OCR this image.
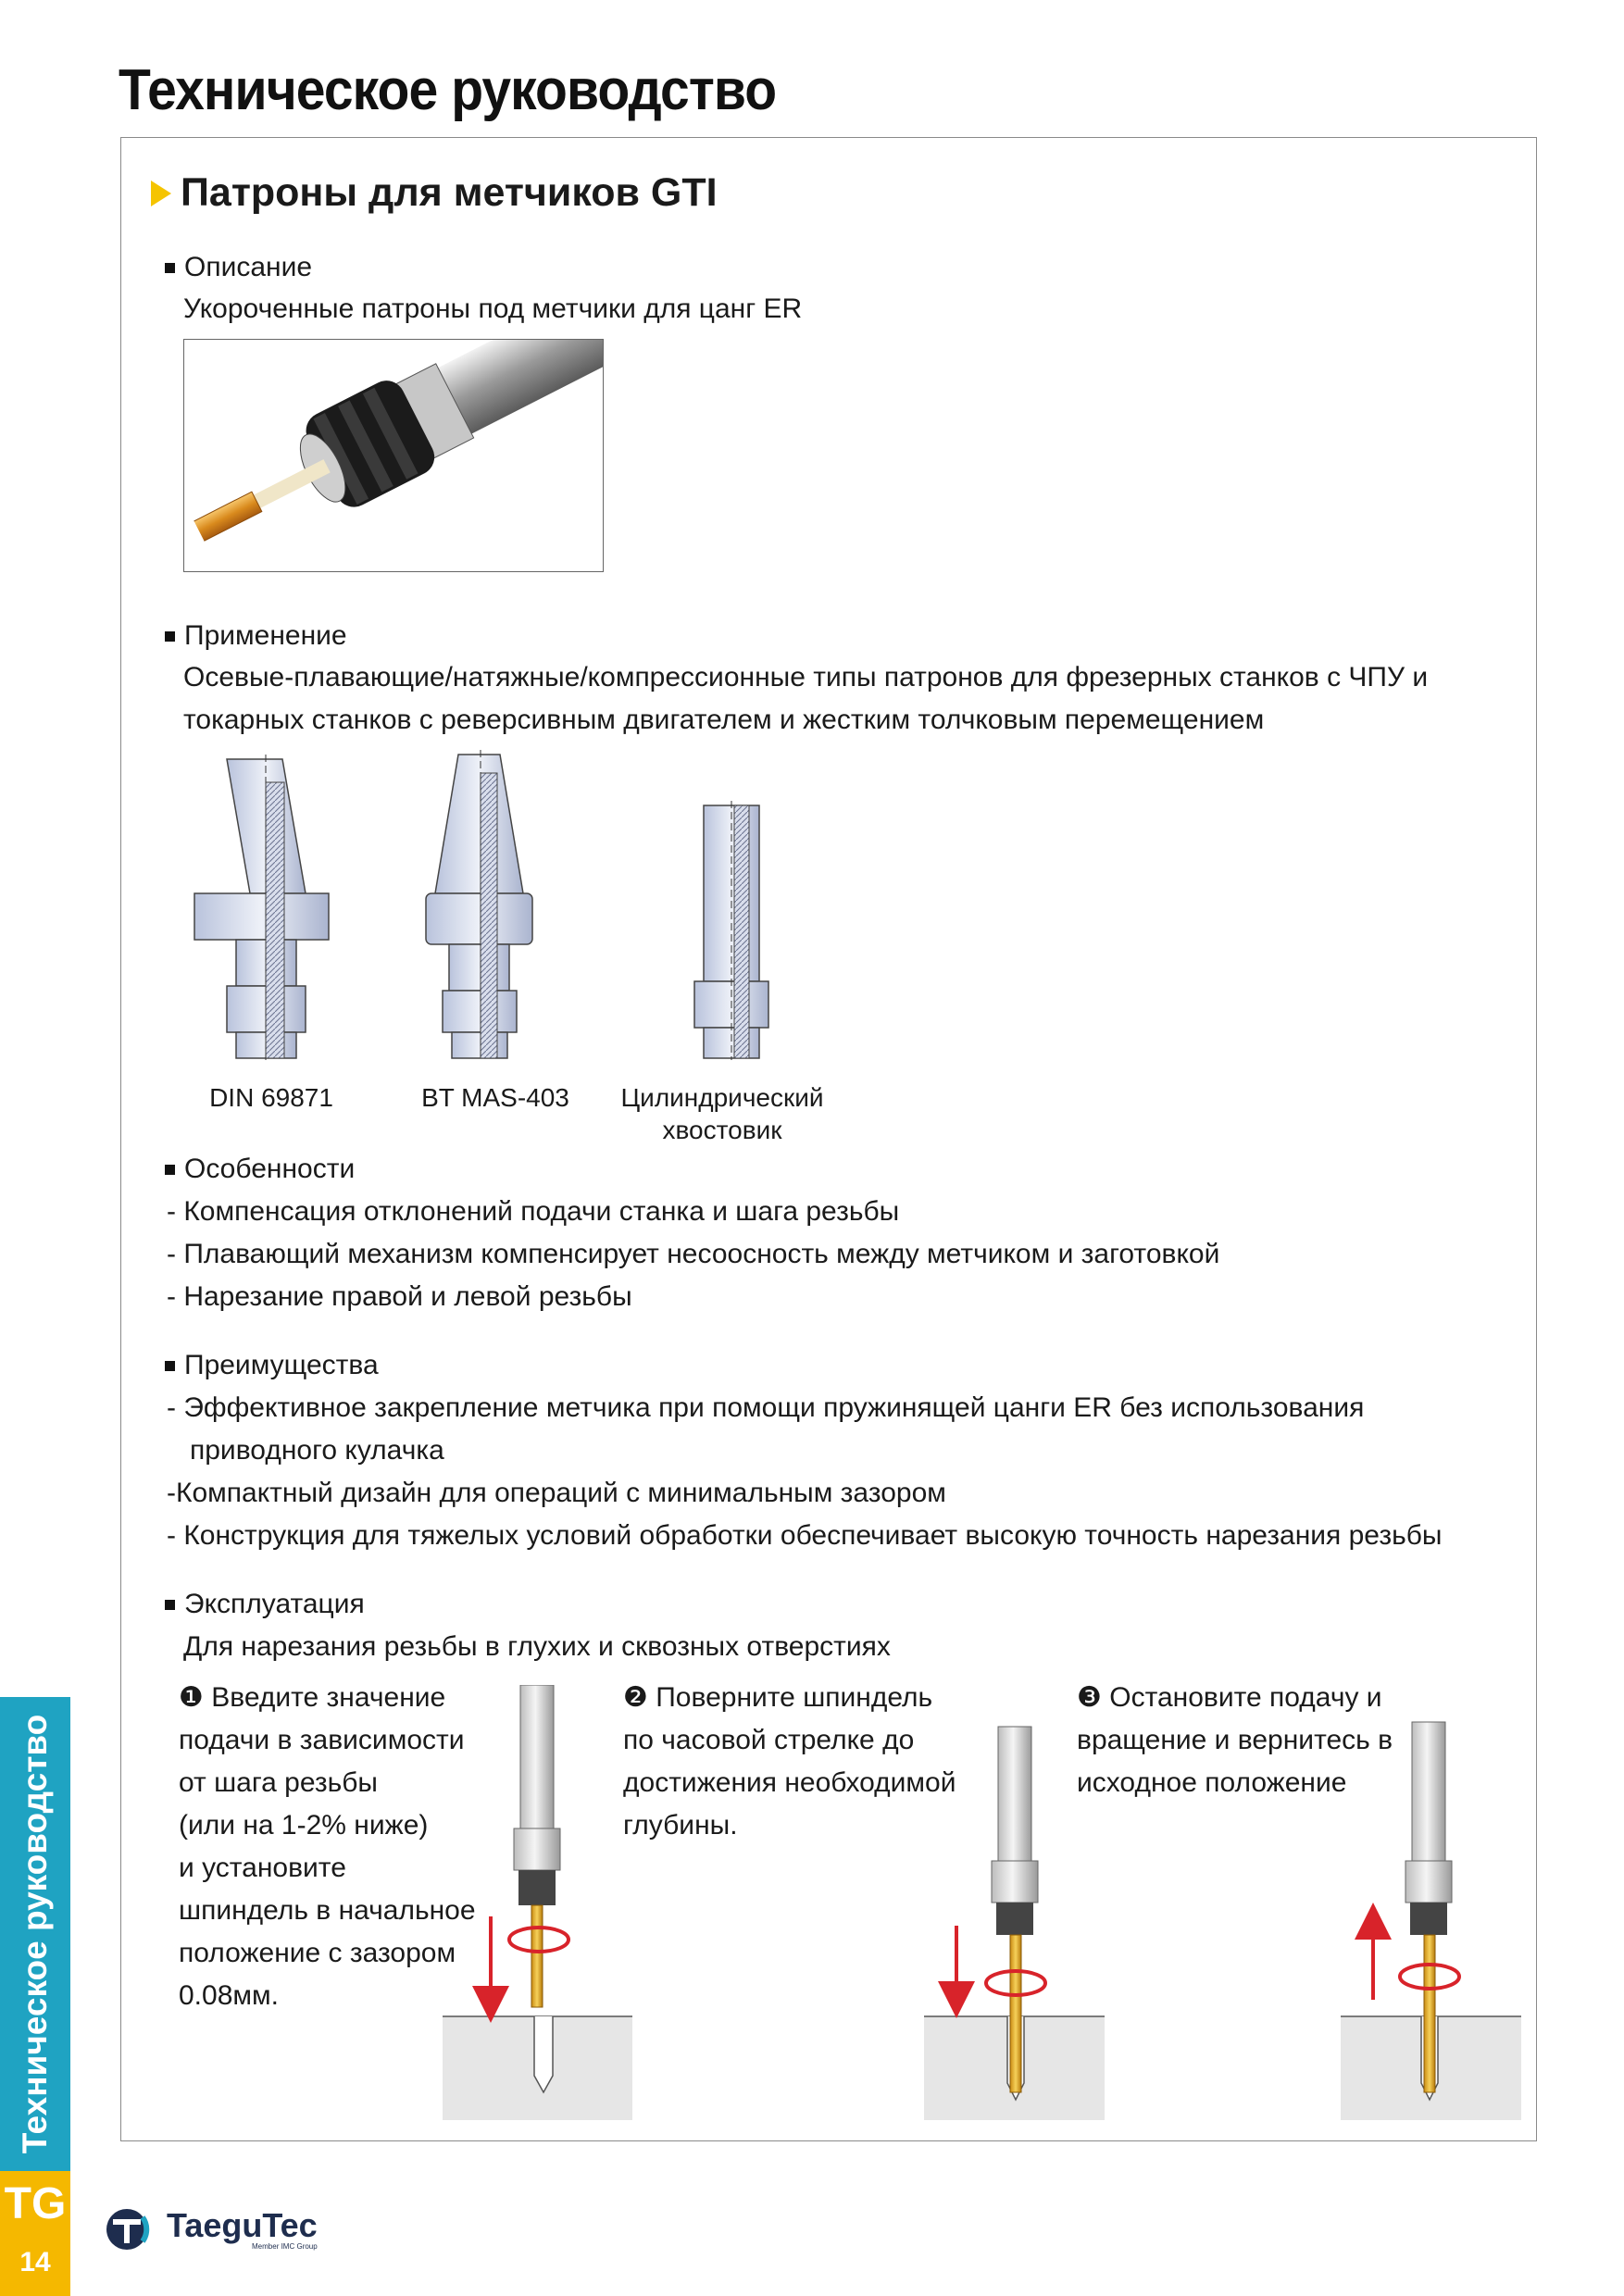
Техническое руководство
Патроны для метчиков GTI
Описание
Укороченные патроны под метчики для цанг ER
Применение
Осевые-плавающие/натяжные/компрессионные типы патронов для фрезерных станков с ЧПУ и
токарных станков с реверсивным двигателем и жестким толчковым перемещением
DIN 69871	BT MAS-403 Цилиндрический
хвостовик
Особенности
- Компенсация отклонений подачи станка и шага резьбы
- Плавающий механизм компенсирует несоосность между метчиком и заготовкой
- Нарезание правой и левой резьбы
Преимущества
- Эффективное закрепление метчика при помощи пружинящей цанги ER без использования
приводного кулачка
-Компактный дизайн для операций с минимальным зазором
- Конструкция для тяжелых условий обработки обеспечивает высокую точность нарезания резьбы
Эксплуатация
Для нарезания резьбы в глухих и сквозных отверстиях
❶ Введите значение
подачи в зависимости
от шага резьбы
(или на 1-2% ниже)
и установите
шпиндель в начальное
положение с зазором
0.08мм.
❷ Поверните шпиндель
по часовой стрелке до
достижения необходимой
глубины.
❸ Остановите подачу и
вращение и вернитесь в
исходное положение
Техническое руководство
TG
14
TaeguTec
Member IMC Group
